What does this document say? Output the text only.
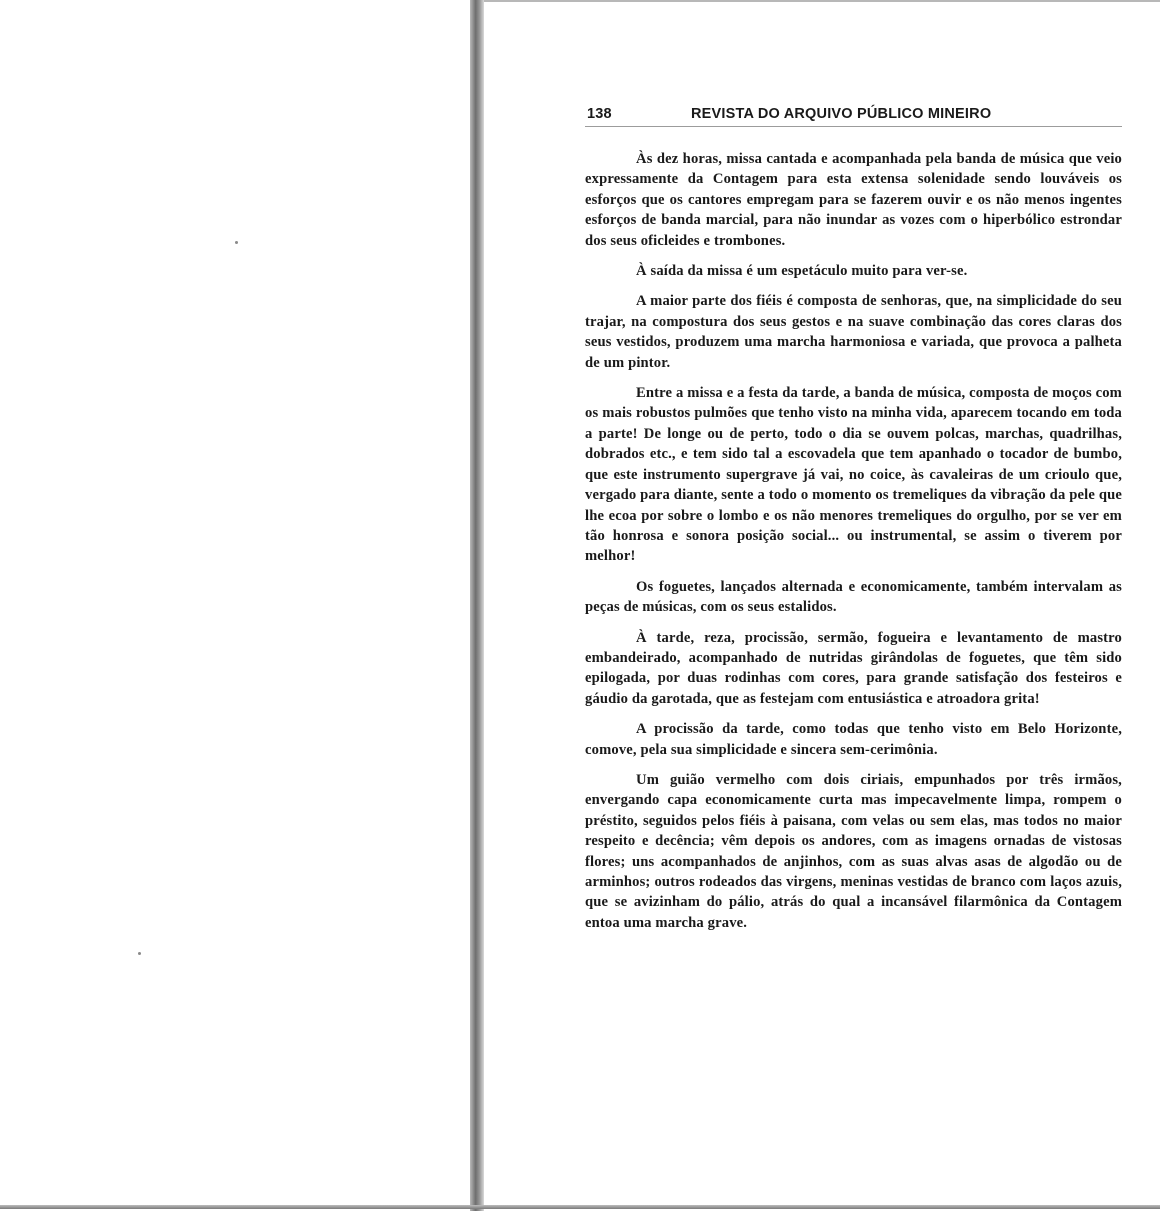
138	REVISTA DO ARQUIVO PÚBLICO MINEIRO

Às dez horas, missa cantada e acompanhada pela banda de música que veio expressamente da Contagem para esta extensa solenidade sendo louváveis os esforços que os cantores empregam para se fazerem ouvir e os não menos ingentes esforços de banda marcial, para não inundar as vozes com o hiperbólico estrondar dos seus oficleides e trombones.

À saída da missa é um espetáculo muito para ver-se.

A maior parte dos fiéis é composta de senhoras, que, na simplicidade do seu trajar, na compostura dos seus gestos e na suave combinação das cores claras dos seus vestidos, produzem uma marcha harmoniosa e variada, que provoca a palheta de um pintor.

Entre a missa e a festa da tarde, a banda de música, composta de moços com os mais robustos pulmões que tenho visto na minha vida, aparecem tocando em toda a parte! De longe ou de perto, todo o dia se ouvem polcas, marchas, quadrilhas, dobrados etc., e tem sido tal a escovadela que tem apanhado o tocador de bumbo, que este instrumento supergrave já vai, no coice, às cavaleiras de um crioulo que, vergado para diante, sente a todo o momento os tremeliques da vibração da pele que lhe ecoa por sobre o lombo e os não menores tremeliques do orgulho, por se ver em tão honrosa e sonora posição social... ou instrumental, se assim o tiverem por melhor!

Os foguetes, lançados alternada e economicamente, também intervalam as peças de músicas, com os seus estalidos.

À tarde, reza, procissão, sermão, fogueira e levantamento de mastro embandeirado, acompanhado de nutridas girândolas de foguetes, que têm sido epilogada, por duas rodinhas com cores, para grande satisfação dos festeiros e gáudio da garotada, que as festejam com entusiástica e atroadora grita!

A procissão da tarde, como todas que tenho visto em Belo Horizonte, comove, pela sua simplicidade e sincera sem-cerimônia.

Um guião vermelho com dois ciriais, empunhados por três irmãos, envergando capa economicamente curta mas impecavelmente limpa, rompem o préstito, seguidos pelos fiéis à paisana, com velas ou sem elas, mas todos no maior respeito e decência; vêm depois os andores, com as imagens ornadas de vistosas flores; uns acompanhados de anjinhos, com as suas alvas asas de algodão ou de arminhos; outros rodeados das virgens, meninas vestidas de branco com laços azuis, que se avizinham do pálio, atrás do qual a incansável filarmônica da Contagem entoa uma marcha grave.
